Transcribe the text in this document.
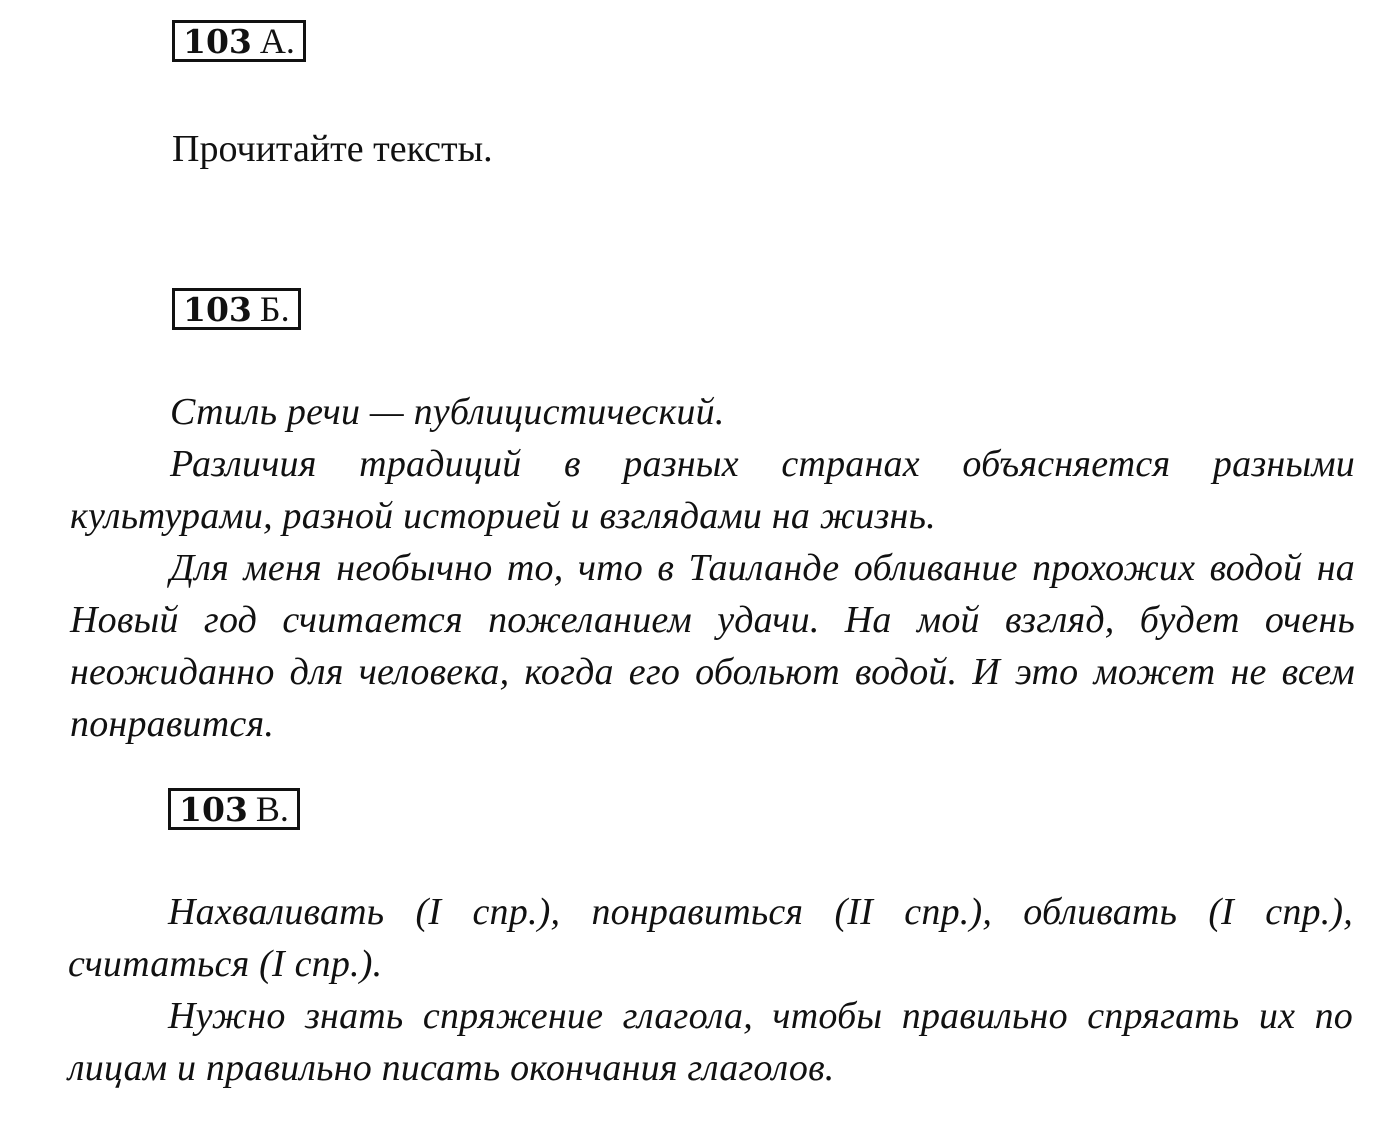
103 А.
Прочитайте тексты.
103 Б.

Стиль речи — публицистический.

Различия традиций в разных странах объясняется разными культурами, разной историей и взглядами на жизнь.

Для меня необычно то, что в Таиланде обливание прохожих водой на Новый год считается пожеланием удачи. На мой взгляд, будет очень неожиданно для человека, когда его обольют водой. И это может не всем понравится.

103 В.

Нахваливать (I спр.), понравиться (II спр.), обливать (I спр.), считаться (I спр.).

Нужно знать спряжение глагола, чтобы правильно спрягать их по лицам и правильно писать окончания глаголов.
